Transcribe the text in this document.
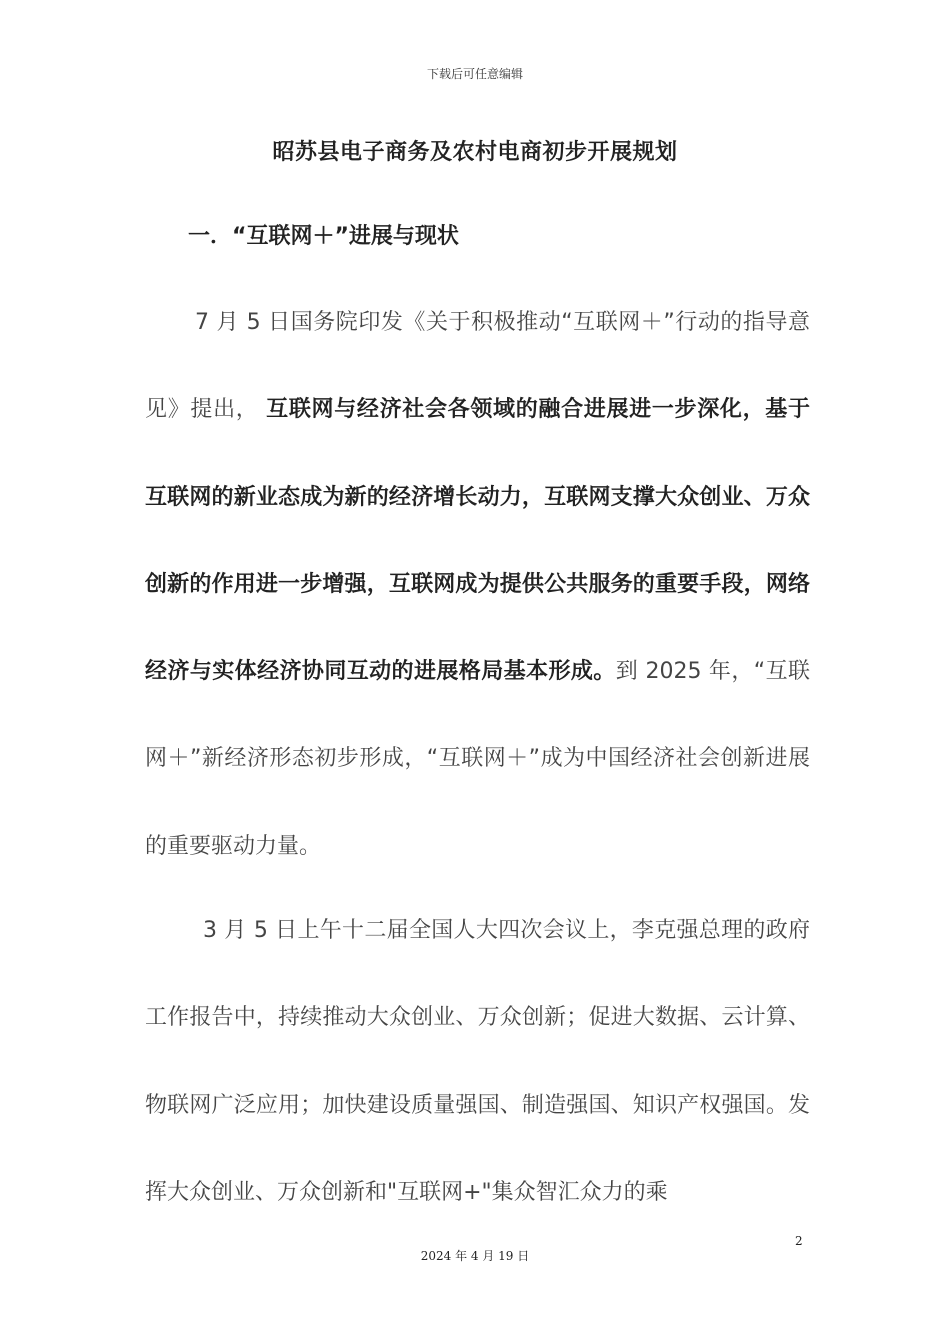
下载后可任意编辑
昭苏县电子商务及农村电商初步开展规划
一．“互联网＋”进展与现状

7 月 5 日国务院印发《关于积极推动“互联网＋”行动的指导意见》提出， 互联网与经济社会各领域的融合进展进一步深化，基于互联网的新业态成为新的经济增长动力，互联网支撑大众创业、万众创新的作用进一步增强，互联网成为提供公共服务的重要手段，网络经济与实体经济协同互动的进展格局基本形成。到 2025 年，“互联网＋”新经济形态初步形成，“互联网＋”成为中国经济社会创新进展的重要驱动力量。

3 月 5 日上午十二届全国人大四次会议上，李克强总理的政府工作报告中，持续推动大众创业、万众创新；促进大数据、云计算、物联网广泛应用；加快建设质量强国、制造强国、知识产权强国。发挥大众创业、万众创新和"互联网+"集众智汇众力的乘

2
2024 年 4 月 19 日
